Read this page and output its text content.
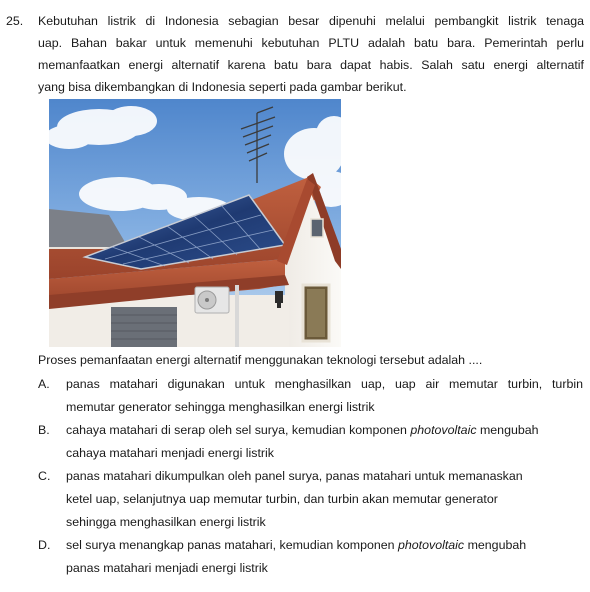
25. Kebutuhan listrik di Indonesia sebagian besar dipenuhi melalui pembangkit listrik tenaga
uap. Bahan bakar untuk memenuhi kebutuhan PLTU adalah batu bara. Pemerintah perlu
memanfaatkan energi alternatif karena batu bara dapat habis. Salah satu energi alternatif
yang bisa dikembangkan di Indonesia seperti pada gambar berikut.
Proses pemanfaatan energi alternatif menggunakan teknologi tersebut adalah ....
A. panas matahari digunakan untuk menghasilkan uap, uap air memutar turbin, turbin
memutar generator sehingga menghasilkan energi listrik
B. cahaya matahari di serap oleh sel surya, kemudian komponen photovoltaic mengubah
cahaya matahari menjadi energi listrik
C. panas matahari dikumpulkan oleh panel surya, panas matahari untuk memanaskan
ketel uap, selanjutnya uap memutar turbin, dan turbin akan memutar generator
sehingga menghasilkan energi listrik
D. sel surya menangkap panas matahari, kemudian komponen photovoltaic mengubah
panas matahari menjadi energi listrik
